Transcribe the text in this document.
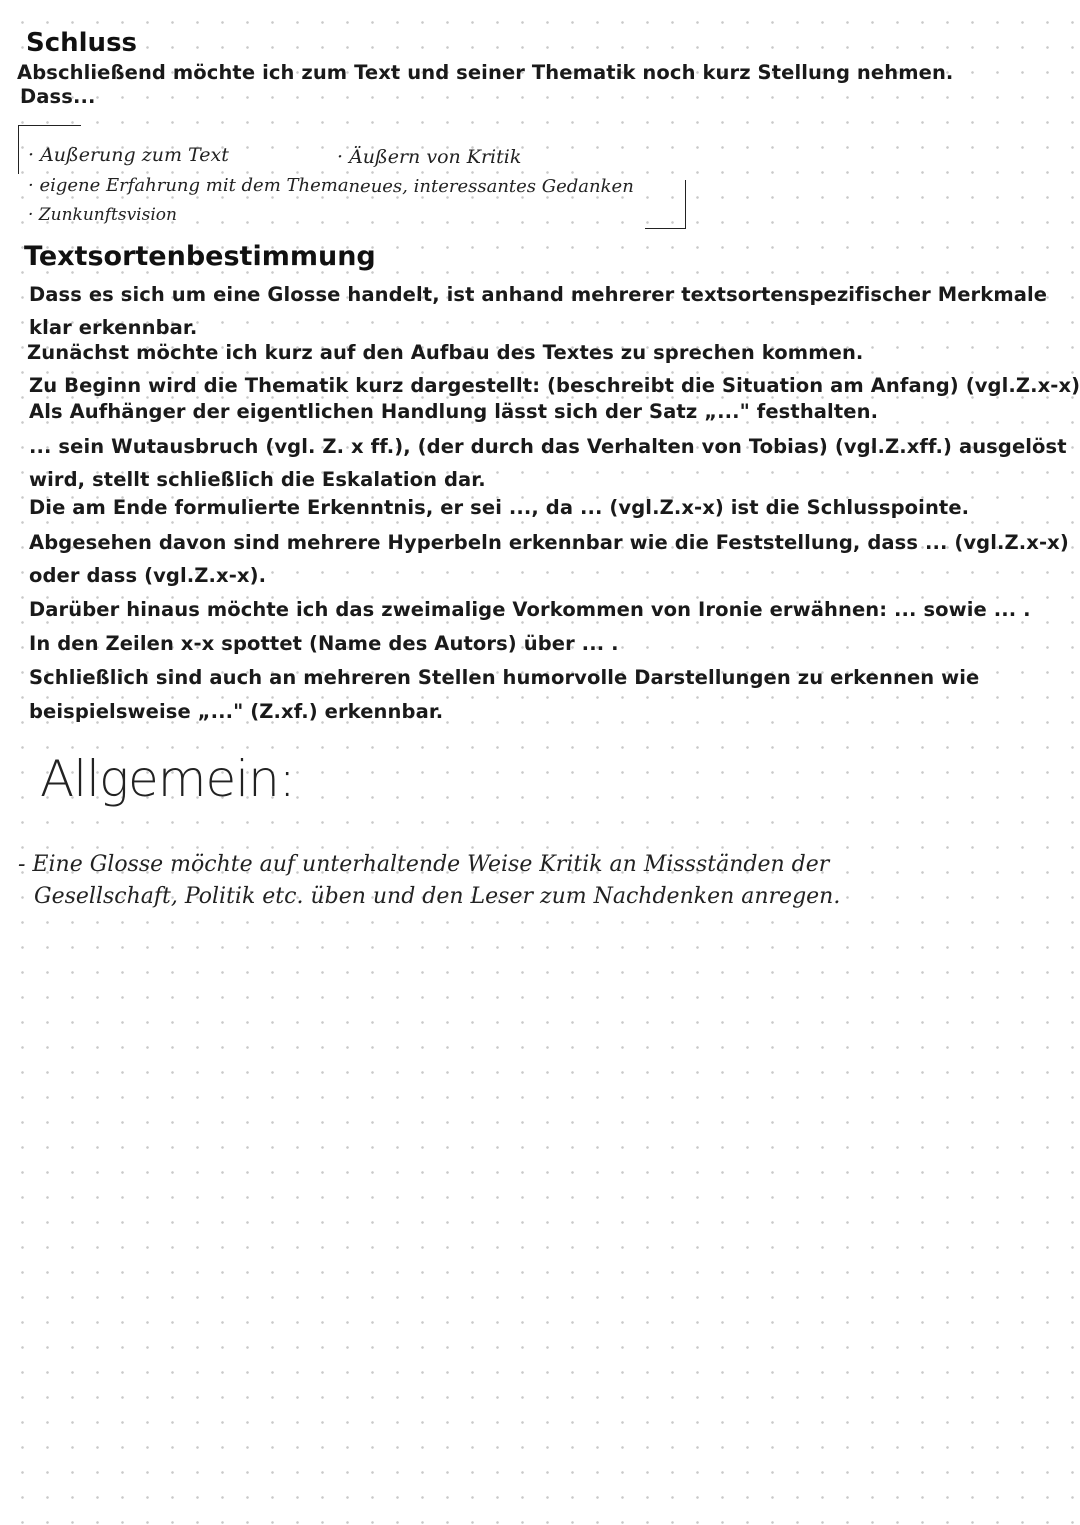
Schluss
Abschließend möchte ich zum Text und seiner Thematik noch kurz Stellung nehmen.
Dass...
· Außerung zum Text
· eigene Erfahrung mit dem Thema
· Zunkunftsvision
· Äußern von Kritik
· neues, interessantes Gedanken
Textsortenbestimmung
Dass es sich um eine Glosse handelt, ist anhand mehrerer textsortenspezifischer Merkmale
klar erkennbar.
Zunächst möchte ich kurz auf den Aufbau des Textes zu sprechen kommen.
Zu Beginn wird die Thematik kurz dargestellt: (beschreibt die Situation am Anfang) (vgl.Z.x-x)
Als Aufhänger der eigentlichen Handlung lässt sich der Satz „..." festhalten.
... sein Wutausbruch (vgl. Z. x ff.), (der durch das Verhalten von Tobias) (vgl.Z.xff.) ausgelöst
wird, stellt schließlich die Eskalation dar.
Die am Ende formulierte Erkenntnis, er sei ..., da ... (vgl.Z.x-x) ist die Schlusspointe.
Abgesehen davon sind mehrere Hyperbeln erkennbar wie die Feststellung, dass ... (vgl.Z.x-x)
oder dass (vgl.Z.x-x).
Darüber hinaus möchte ich das zweimalige Vorkommen von Ironie erwähnen: ... sowie ... .
In den Zeilen x-x spottet (Name des Autors) über ... .
Schließlich sind auch an mehreren Stellen humorvolle Darstellungen zu erkennen wie
beispielsweise „..." (Z.xf.) erkennbar.
Allgemein:
- Eine Glosse möchte auf unterhaltende Weise Kritik an Missständen der
Gesellschaft, Politik etc. üben und den Leser zum Nachdenken anregen.
